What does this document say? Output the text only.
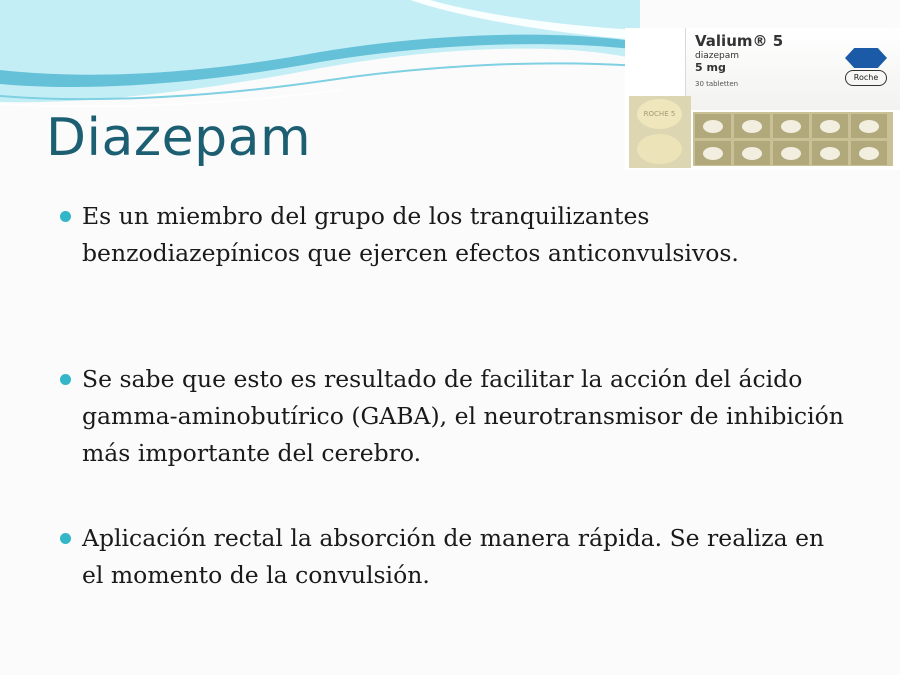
Diazepam
Valium® 5
diazepam
5 mg
30 tabletten
Roche
ROCHE 5
Es un miembro del grupo de los tranquilizantes benzodiazepínicos que ejercen efectos anticonvulsivos.
Se sabe que esto es resultado de facilitar la acción del ácido gamma-aminobutírico (GABA), el neurotransmisor de inhibición más importante del cerebro.
Aplicación rectal la absorción de manera rápida. Se realiza en el momento de la convulsión.
